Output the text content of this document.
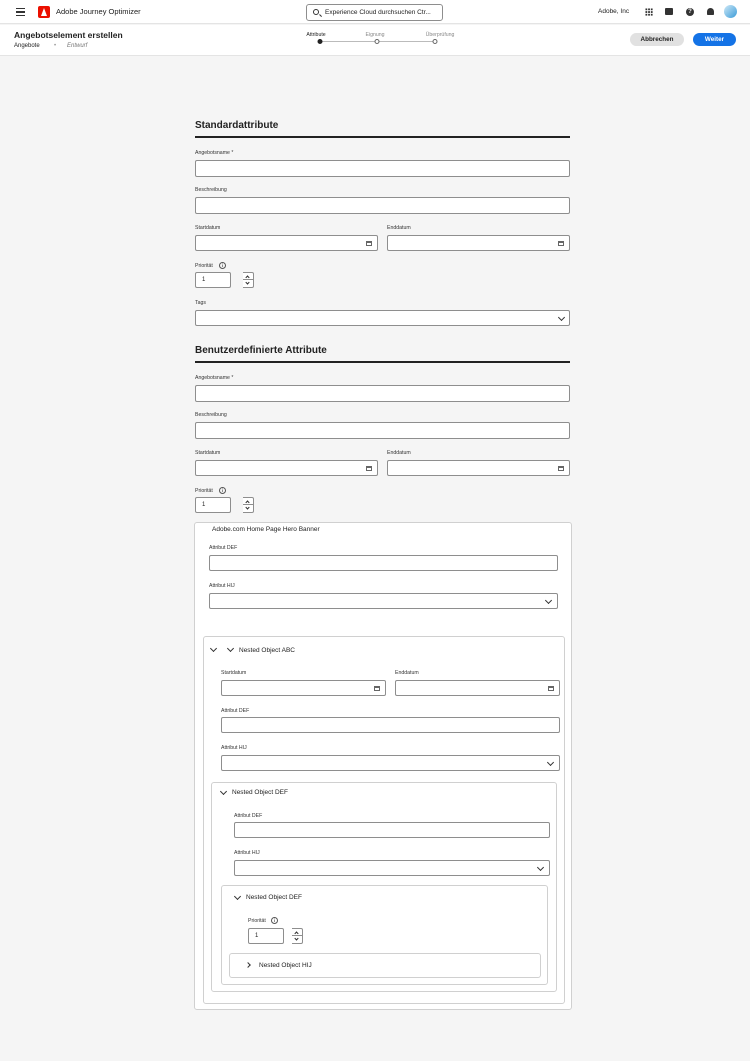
Adobe Journey Optimizer	Experience Cloud durchsuchen Ctr...	Adobe, Inc	?
Angebotselement erstellen
Angebote • Entwurf
Attribute	Eignung	Überprüfung
Abbrechen	Weiter
Standardattribute
Angebotsname *
Beschreibung
Startdatum	Enddatum
Priorität	i
1
Tags
Benutzerdefinierte Attribute
Angebotsname *
Beschreibung
Startdatum	Enddatum
Priorität	i
1
Adobe.com Home Page Hero Banner
Attribut DEF
Attribut HIJ
Nested Object ABC
Startdatum	Enddatum
Attribut DEF
Attribut HIJ
Nested Object DEF
Attribut DEF
Attribut HIJ
Nested Object DEF
Priorität	i
1
Nested Object HIJ
